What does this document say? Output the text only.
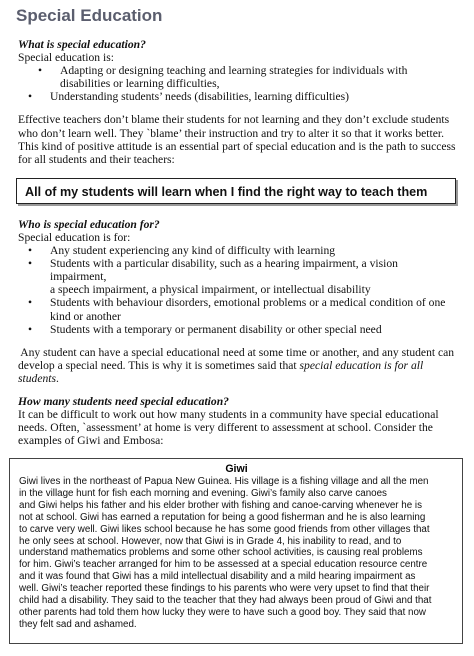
Special Education
What is special education?
Special education is:
• Adapting or designing teaching and learning strategies for individuals with disabilities or learning difficulties,
• Understanding students’ needs (disabilities, learning difficulties)
Effective teachers don’t blame their students for not learning and they don’t exclude students
who don’t learn well. They `blame’ their instruction and try to alter it so that it works better.
This kind of positive attitude is an essential part of special education and is the path to success
for all students and their teachers:
All of my students will learn when I find the right way to teach them
Who is special education for?
Special education is for:
• Any student experiencing any kind of difficulty with learning
• Students with a particular disability, such as a hearing impairment, a vision impairment,
a speech impairment, a physical impairment, or intellectual disability
• Students with behaviour disorders, emotional problems or a medical condition of one
kind or another
• Students with a temporary or permanent disability or other special need
Any student can have a special educational need at some time or another, and any student can
develop a special need. This is why it is sometimes said that special education is for all
students.
How many students need special education?
It can be difficult to work out how many students in a community have special educational
needs. Often, `assessment’ at home is very different to assessment at school. Consider the
examples of Giwi and Embosa:
Giwi
Giwi lives in the northeast of Papua New Guinea. His village is a fishing village and all the men
in the village hunt for fish each morning and evening. Giwi’s family also carve canoes
and Giwi helps his father and his elder brother with fishing and canoe-carving whenever he is
not at school. Giwi has earned a reputation for being a good fisherman and he is also learning
to carve very well. Giwi likes school because he has some good friends from other villages that
he only sees at school. However, now that Giwi is in Grade 4, his inability to read, and to
understand mathematics problems and some other school activities, is causing real problems
for him. Giwi’s teacher arranged for him to be assessed at a special education resource centre
and it was found that Giwi has a mild intellectual disability and a mild hearing impairment as
well. Giwi’s teacher reported these findings to his parents who were very upset to find that their
child had a disability. They said to the teacher that they had always been proud of Giwi and that
other parents had told them how lucky they were to have such a good boy. They said that now
they felt sad and ashamed.
